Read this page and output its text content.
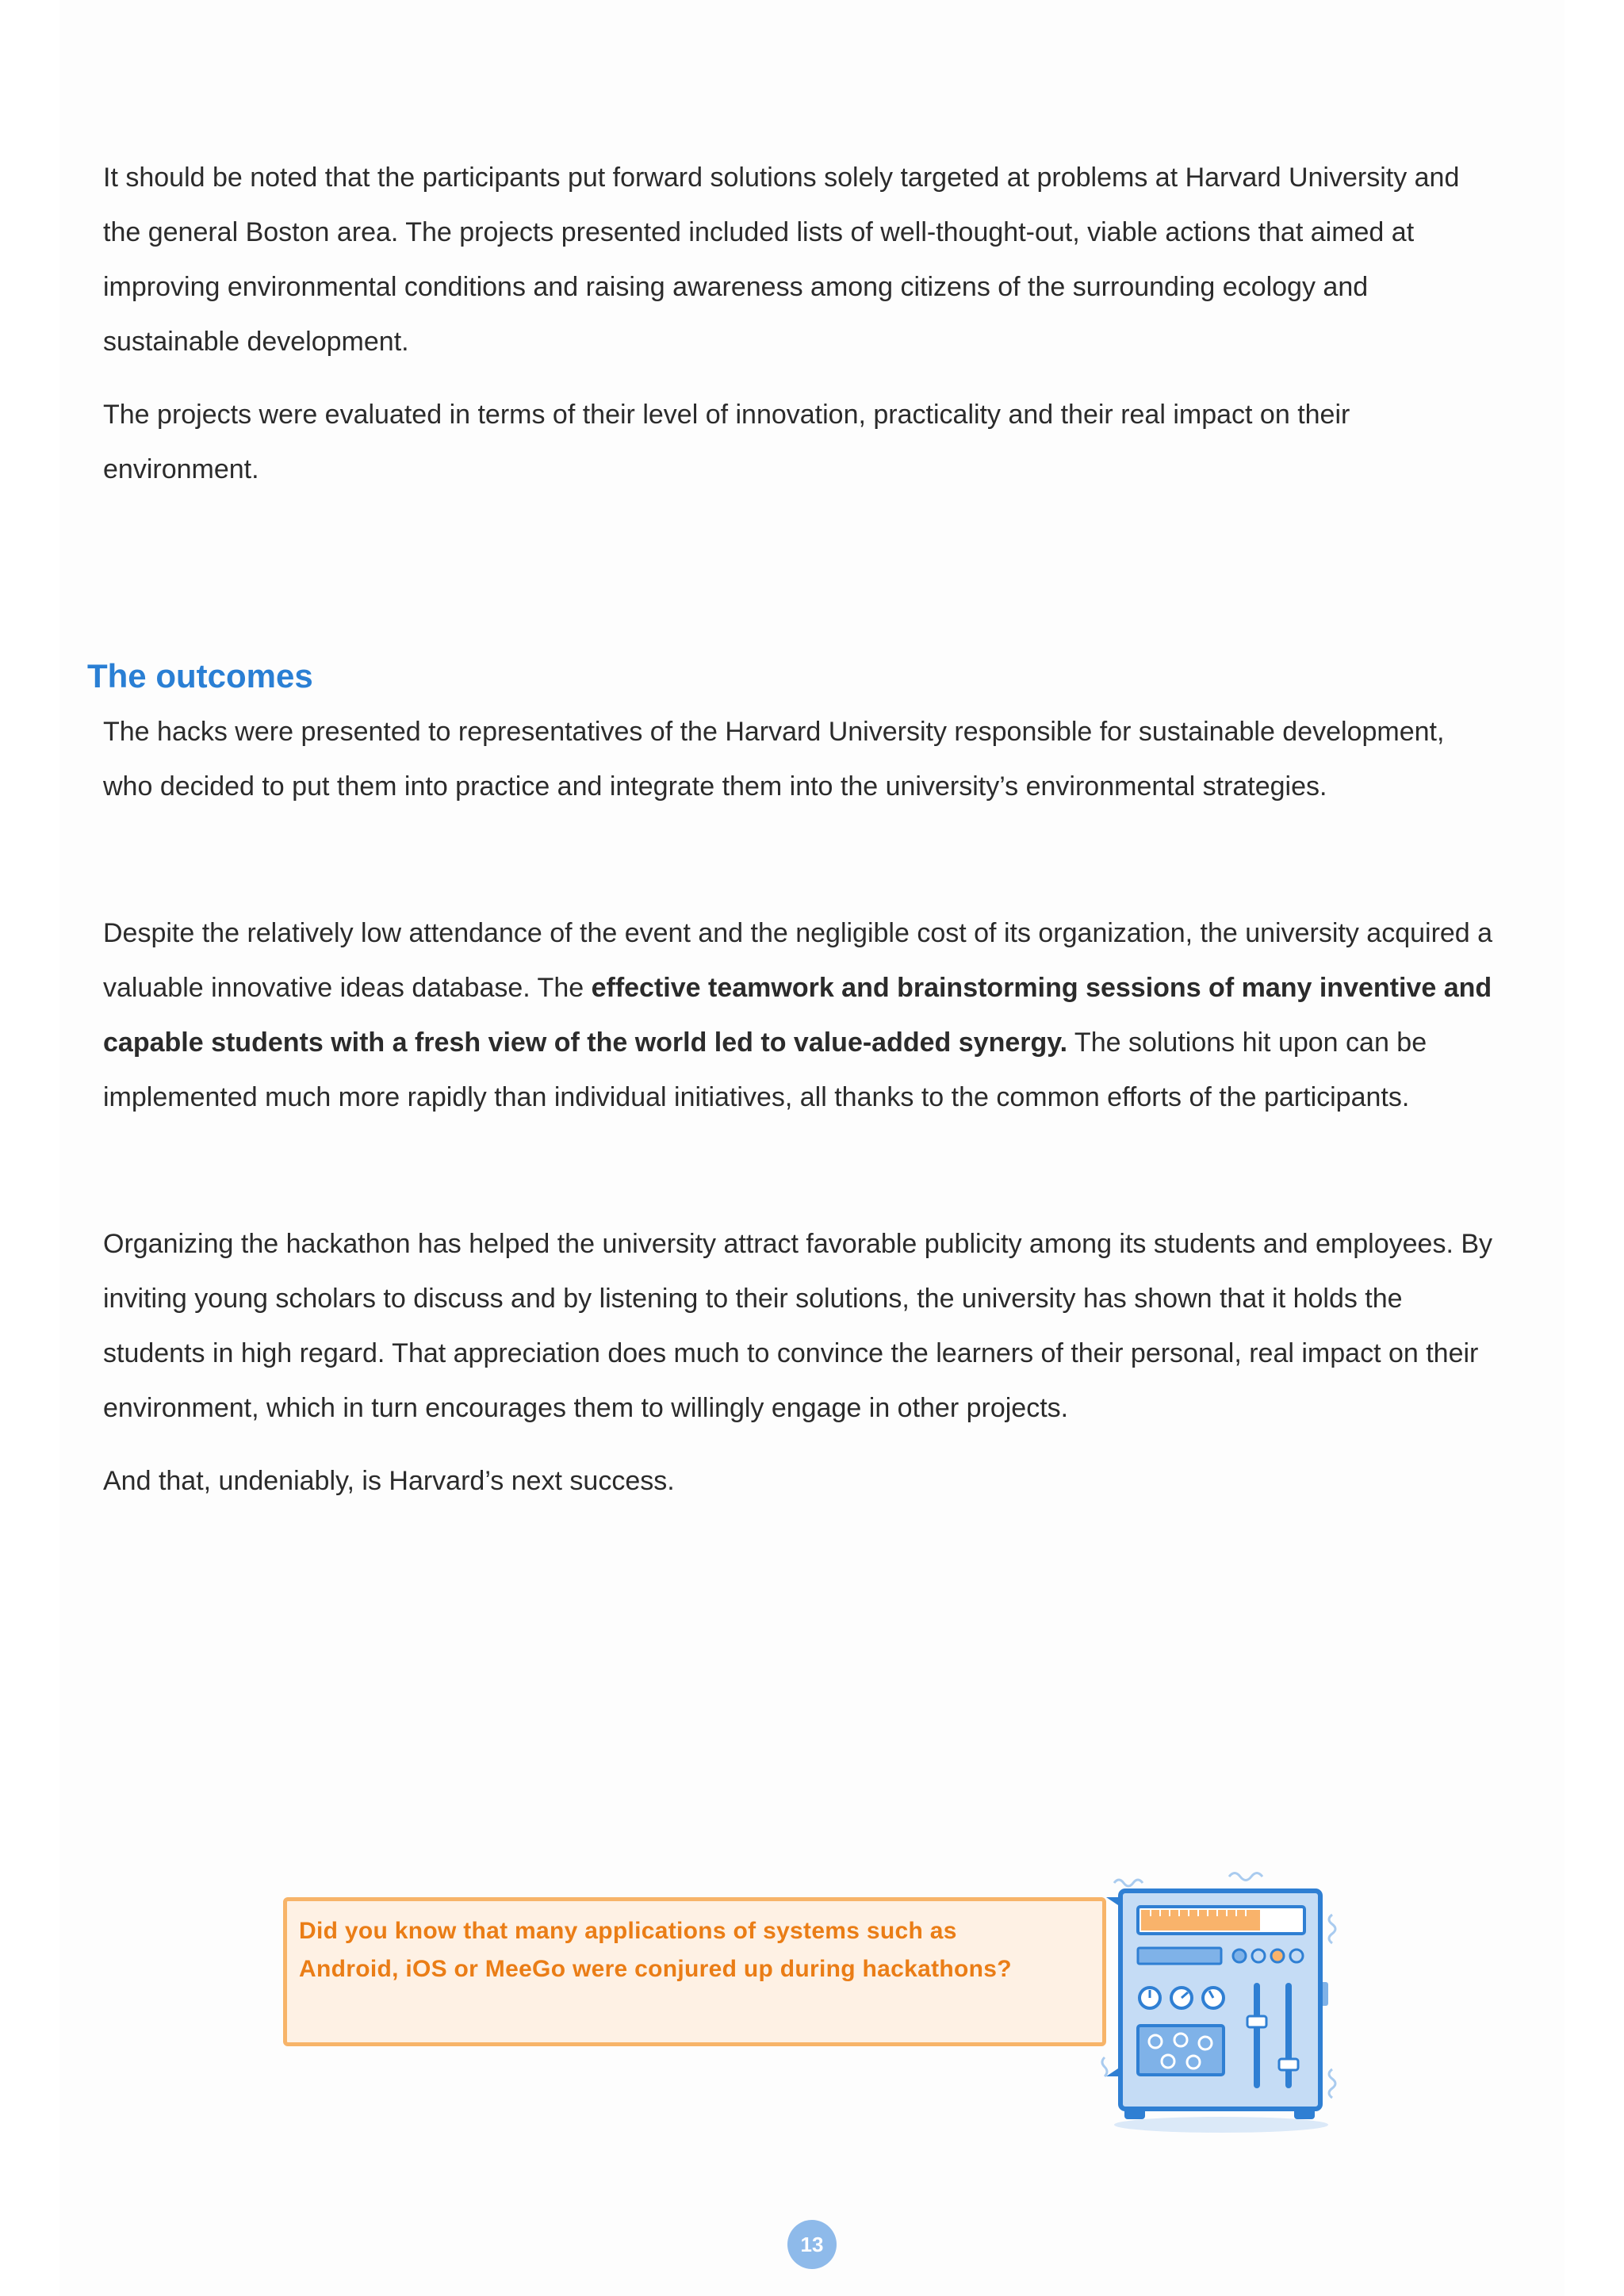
It should be noted that the participants put forward solutions solely targeted at problems at Harvard University and the general Boston area. The projects presented included lists of well-thought-out, viable actions that aimed at improving environmental conditions and raising awareness among citizens of the surrounding ecology and sustainable development.

The projects were evaluated in terms of their level of innovation, practicality and their real impact on their environment.

The outcomes

The hacks were presented to representatives of the Harvard University responsible for sustainable development, who decided to put them into practice and integrate them into the university’s environmental strategies.

Despite the relatively low attendance of the event and the negligible cost of its organization, the university acquired a valuable innovative ideas database. The effective teamwork and brainstorming sessions of many inventive and capable students with a fresh view of the world led to value-added synergy. The solutions hit upon can be implemented much more rapidly than individual initiatives, all thanks to the common efforts of the participants.

Organizing the hackathon has helped the university attract favorable publicity among its students and employees. By inviting young scholars to discuss and by listening to their solutions, the university has shown that it holds the students in high regard. That appreciation does much to convince the learners of their personal, real impact on their environment, which in turn encourages them to willingly engage in other projects.

And that, undeniably, is Harvard’s next success.

Did you know that many applications of systems such as Android, iOS or MeeGo were conjured up during hackathons?
13
